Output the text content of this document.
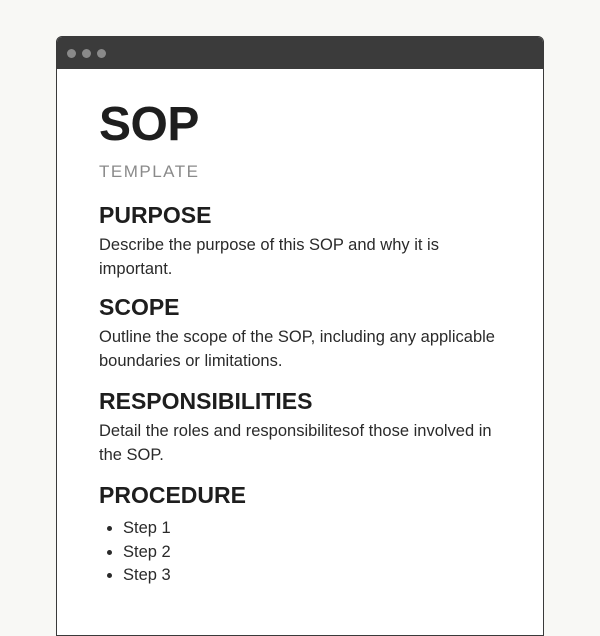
SOP
TEMPLATE
PURPOSE

Describe the purpose of this SOP and why it is important.

SCOPE

Outline the scope of the SOP, including any applicable boundaries or limitations.

RESPONSIBILITIES

Detail the roles and responsibilitesof those involved in the SOP.

PROCEDURE
• Step 1
• Step 2
• Step 3
